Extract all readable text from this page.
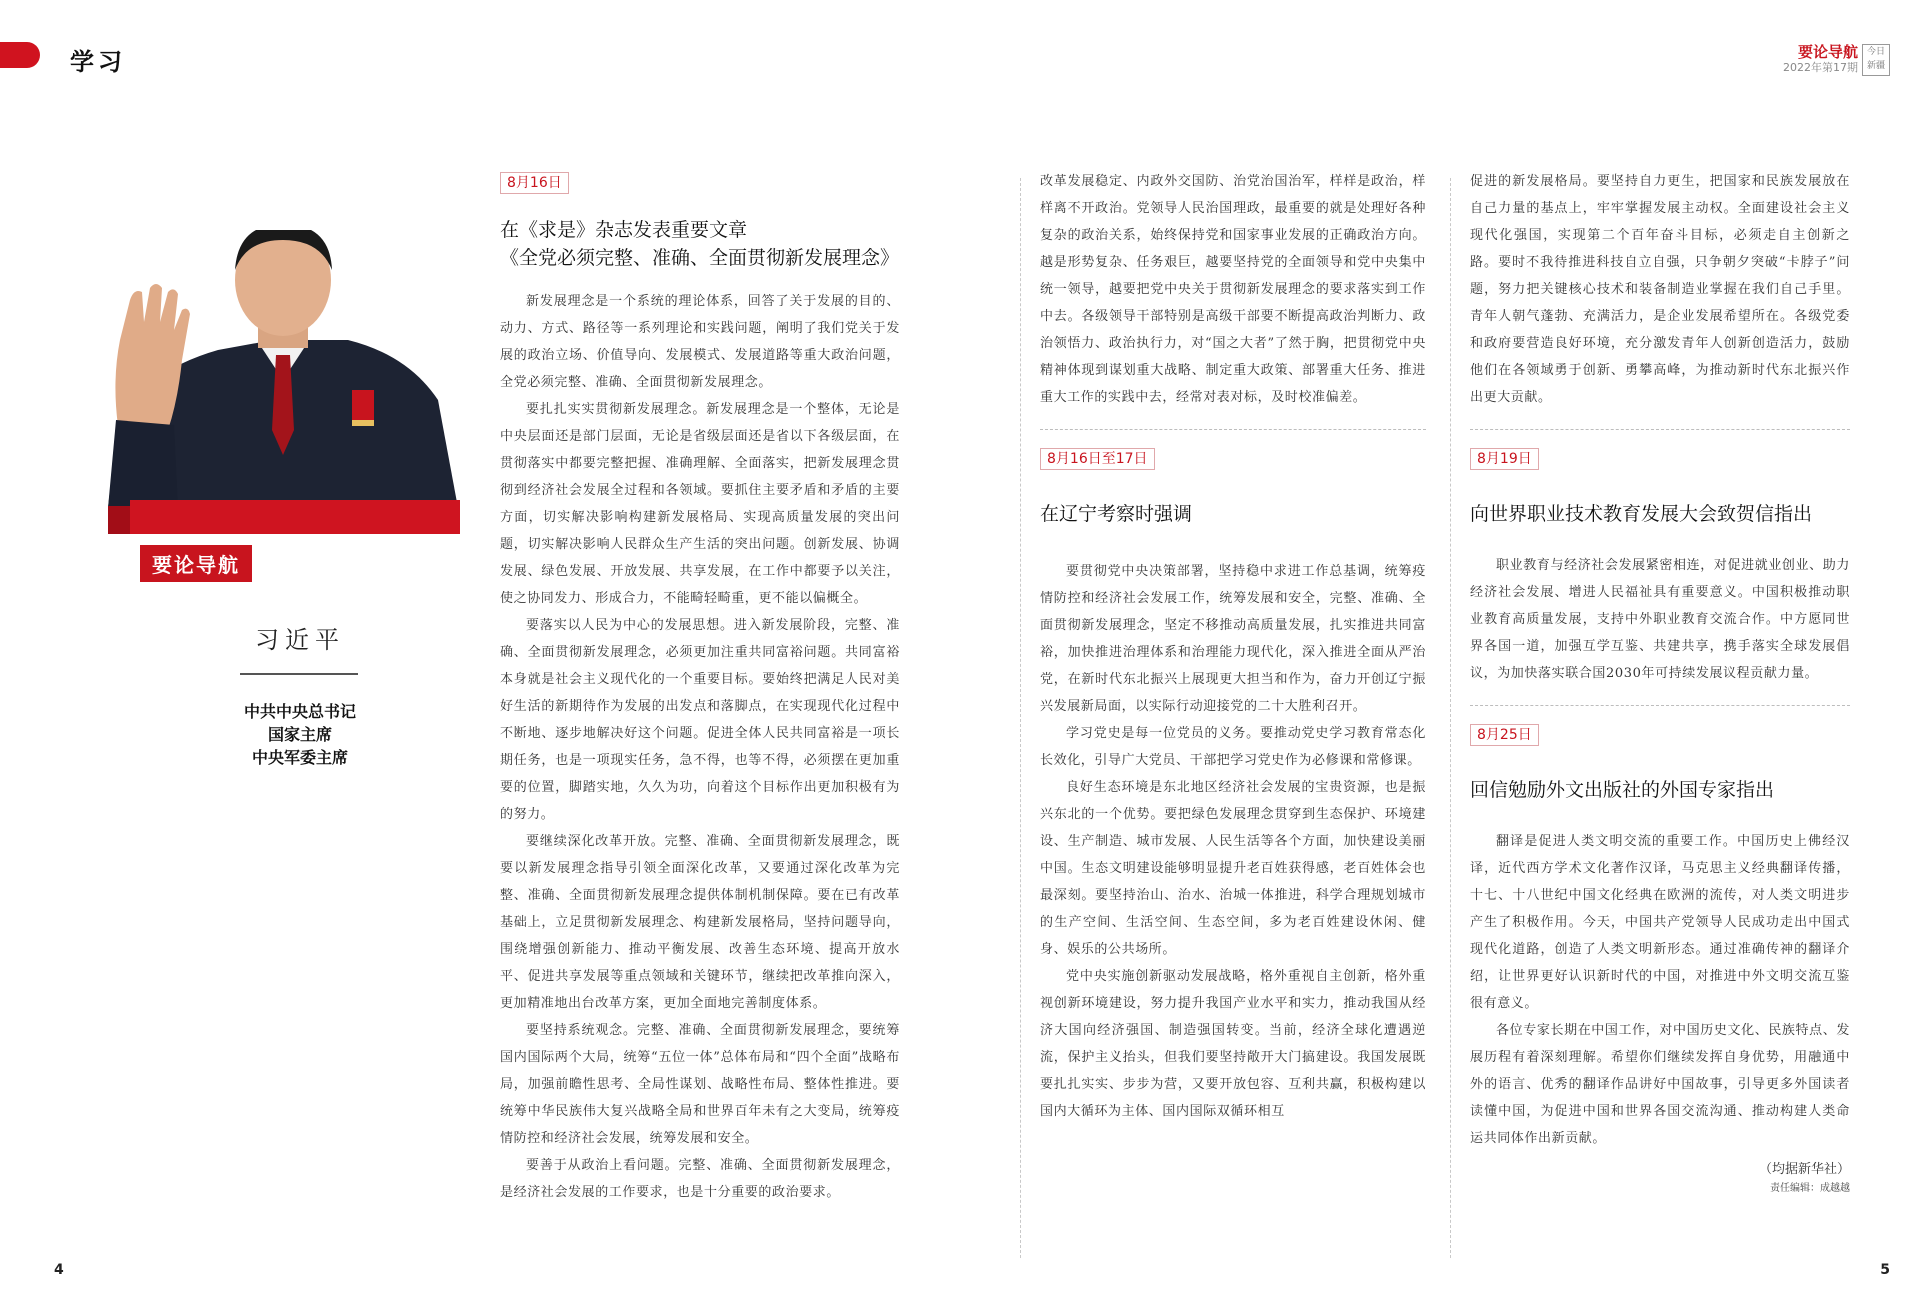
学习	要论导航
2022年第17期
今日 新疆
要论导航
习近平
中共中央总书记
国家主席
中央军委主席
8月16日
在《求是》杂志发表重要文章
《全党必须完整、准确、全面贯彻新发展理念》

新发展理念是一个系统的理论体系，回答了关于发展的目的、动力、方式、路径等一系列理论和实践问题，阐明了我们党关于发展的政治立场、价值导向、发展模式、发展道路等重大政治问题，全党必须完整、准确、全面贯彻新发展理念。

要扎扎实实贯彻新发展理念。新发展理念是一个整体，无论是中央层面还是部门层面，无论是省级层面还是省以下各级层面，在贯彻落实中都要完整把握、准确理解、全面落实，把新发展理念贯彻到经济社会发展全过程和各领域。要抓住主要矛盾和矛盾的主要方面，切实解决影响构建新发展格局、实现高质量发展的突出问题，切实解决影响人民群众生产生活的突出问题。创新发展、协调发展、绿色发展、开放发展、共享发展，在工作中都要予以关注，使之协同发力、形成合力，不能畸轻畸重，更不能以偏概全。

要落实以人民为中心的发展思想。进入新发展阶段，完整、准确、全面贯彻新发展理念，必须更加注重共同富裕问题。共同富裕本身就是社会主义现代化的一个重要目标。要始终把满足人民对美好生活的新期待作为发展的出发点和落脚点，在实现现代化过程中不断地、逐步地解决好这个问题。促进全体人民共同富裕是一项长期任务，也是一项现实任务，急不得，也等不得，必须摆在更加重要的位置，脚踏实地，久久为功，向着这个目标作出更加积极有为的努力。

要继续深化改革开放。完整、准确、全面贯彻新发展理念，既要以新发展理念指导引领全面深化改革，又要通过深化改革为完整、准确、全面贯彻新发展理念提供体制机制保障。要在已有改革基础上，立足贯彻新发展理念、构建新发展格局，坚持问题导向，围绕增强创新能力、推动平衡发展、改善生态环境、提高开放水平、促进共享发展等重点领域和关键环节，继续把改革推向深入，更加精准地出台改革方案，更加全面地完善制度体系。

要坚持系统观念。完整、准确、全面贯彻新发展理念，要统筹国内国际两个大局，统筹“五位一体”总体布局和“四个全面”战略布局，加强前瞻性思考、全局性谋划、战略性布局、整体性推进。要统筹中华民族伟大复兴战略全局和世界百年未有之大变局，统筹疫情防控和经济社会发展，统筹发展和安全。

要善于从政治上看问题。完整、准确、全面贯彻新发展理念，是经济社会发展的工作要求，也是十分重要的政治要求。

改革发展稳定、内政外交国防、治党治国治军，样样是政治，样样离不开政治。党领导人民治国理政，最重要的就是处理好各种复杂的政治关系，始终保持党和国家事业发展的正确政治方向。越是形势复杂、任务艰巨，越要坚持党的全面领导和党中央集中统一领导，越要把党中央关于贯彻新发展理念的要求落实到工作中去。各级领导干部特别是高级干部要不断提高政治判断力、政治领悟力、政治执行力，对“国之大者”了然于胸，把贯彻党中央精神体现到谋划重大战略、制定重大政策、部署重大任务、推进重大工作的实践中去，经常对表对标，及时校准偏差。

8月16日至17日
在辽宁考察时强调

要贯彻党中央决策部署，坚持稳中求进工作总基调，统筹疫情防控和经济社会发展工作，统筹发展和安全，完整、准确、全面贯彻新发展理念，坚定不移推动高质量发展，扎实推进共同富裕，加快推进治理体系和治理能力现代化，深入推进全面从严治党，在新时代东北振兴上展现更大担当和作为，奋力开创辽宁振兴发展新局面，以实际行动迎接党的二十大胜利召开。

学习党史是每一位党员的义务。要推动党史学习教育常态化长效化，引导广大党员、干部把学习党史作为必修课和常修课。

良好生态环境是东北地区经济社会发展的宝贵资源，也是振兴东北的一个优势。要把绿色发展理念贯穿到生态保护、环境建设、生产制造、城市发展、人民生活等各个方面，加快建设美丽中国。生态文明建设能够明显提升老百姓获得感，老百姓体会也最深刻。要坚持治山、治水、治城一体推进，科学合理规划城市的生产空间、生活空间、生态空间，多为老百姓建设休闲、健身、娱乐的公共场所。

党中央实施创新驱动发展战略，格外重视自主创新，格外重视创新环境建设，努力提升我国产业水平和实力，推动我国从经济大国向经济强国、制造强国转变。当前，经济全球化遭遇逆流，保护主义抬头，但我们要坚持敞开大门搞建设。我国发展既要扎扎实实、步步为营，又要开放包容、互利共赢，积极构建以国内大循环为主体、国内国际双循环相互

促进的新发展格局。要坚持自力更生，把国家和民族发展放在自己力量的基点上，牢牢掌握发展主动权。全面建设社会主义现代化强国，实现第二个百年奋斗目标，必须走自主创新之路。要时不我待推进科技自立自强，只争朝夕突破“卡脖子”问题，努力把关键核心技术和装备制造业掌握在我们自己手里。青年人朝气蓬勃、充满活力，是企业发展希望所在。各级党委和政府要营造良好环境，充分激发青年人创新创造活力，鼓励他们在各领域勇于创新、勇攀高峰，为推动新时代东北振兴作出更大贡献。

8月19日
向世界职业技术教育发展大会致贺信指出

职业教育与经济社会发展紧密相连，对促进就业创业、助力经济社会发展、增进人民福祉具有重要意义。中国积极推动职业教育高质量发展，支持中外职业教育交流合作。中方愿同世界各国一道，加强互学互鉴、共建共享，携手落实全球发展倡议，为加快落实联合国2030年可持续发展议程贡献力量。

8月25日
回信勉励外文出版社的外国专家指出

翻译是促进人类文明交流的重要工作。中国历史上佛经汉译，近代西方学术文化著作汉译，马克思主义经典翻译传播，十七、十八世纪中国文化经典在欧洲的流传，对人类文明进步产生了积极作用。今天，中国共产党领导人民成功走出中国式现代化道路，创造了人类文明新形态。通过准确传神的翻译介绍，让世界更好认识新时代的中国，对推进中外文明交流互鉴很有意义。

各位专家长期在中国工作，对中国历史文化、民族特点、发展历程有着深刻理解。希望你们继续发挥自身优势，用融通中外的语言、优秀的翻译作品讲好中国故事，引导更多外国读者读懂中国，为促进中国和世界各国交流沟通、推动构建人类命运共同体作出新贡献。

（均据新华社）
责任编辑：成越越
4	5
